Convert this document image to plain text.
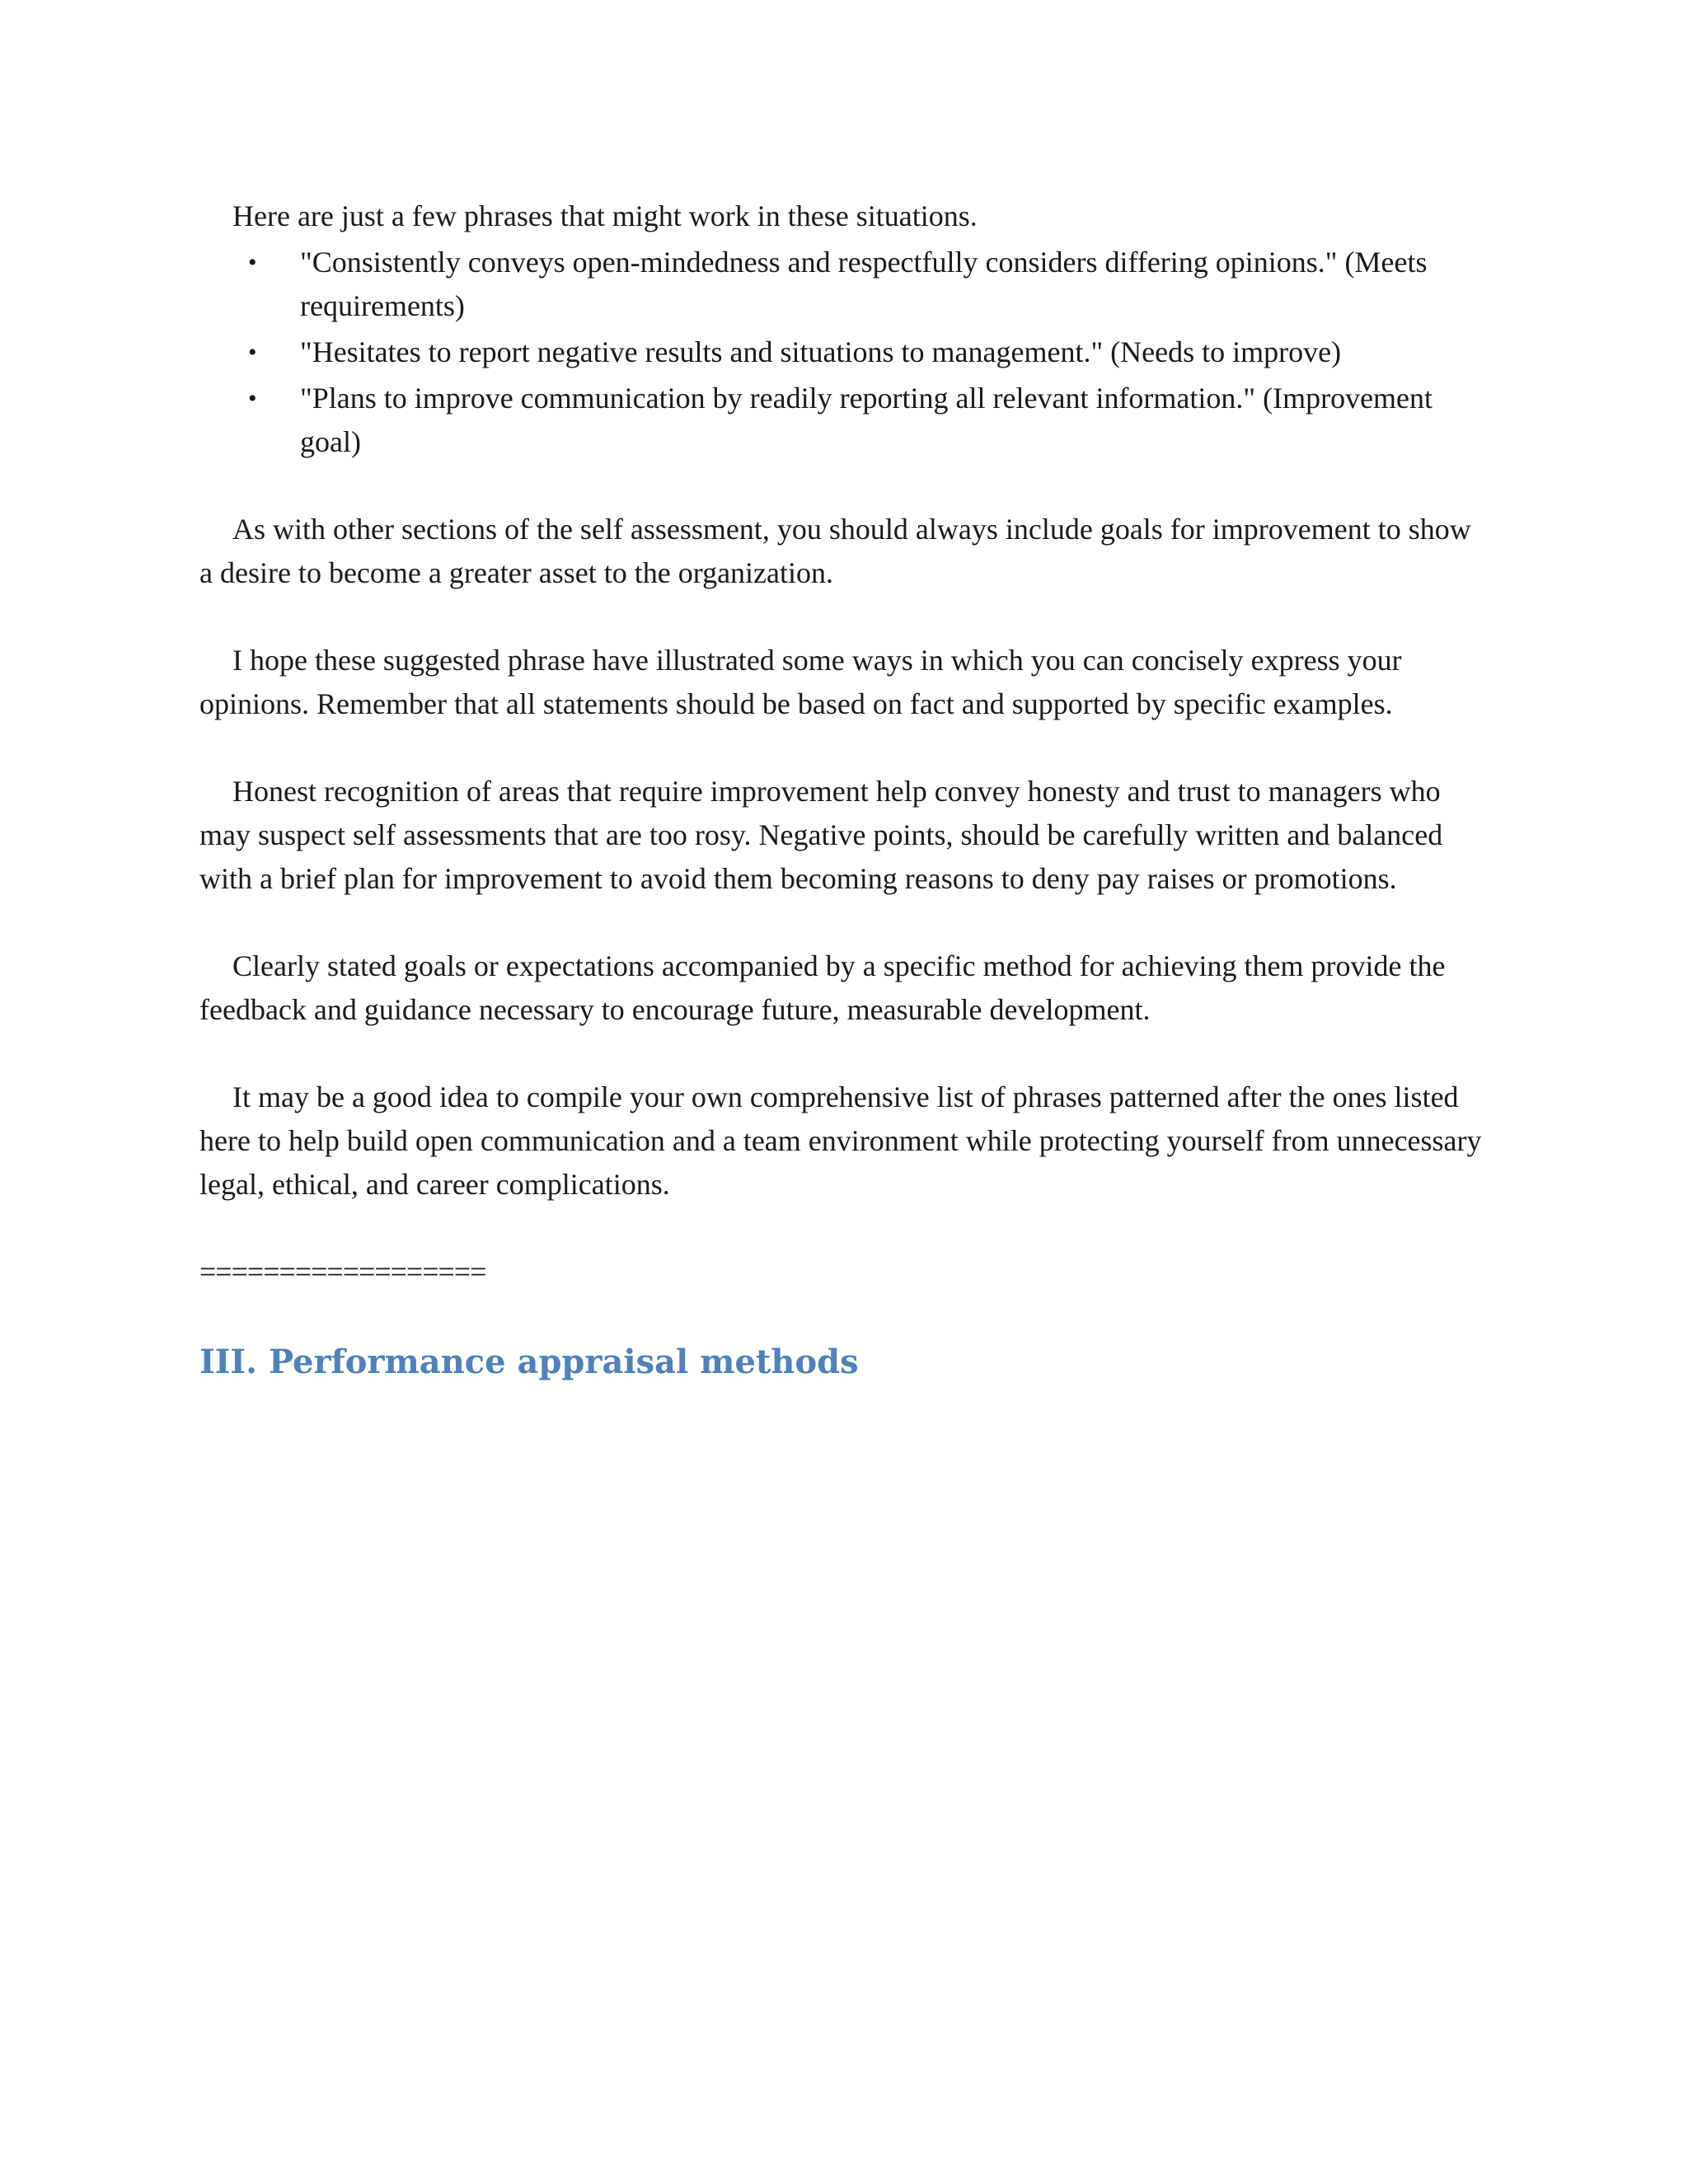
Here are just a few phrases that might work in these situations.

• "Consistently conveys open-mindedness and respectfully considers differing opinions." (Meets requirements)
• "Hesitates to report negative results and situations to management." (Needs to improve)
• "Plans to improve communication by readily reporting all relevant information." (Improvement goal)

As with other sections of the self assessment, you should always include goals for improvement to show a desire to become a greater asset to the organization.

I hope these suggested phrase have illustrated some ways in which you can concisely express your opinions. Remember that all statements should be based on fact and supported by specific examples.

Honest recognition of areas that require improvement help convey honesty and trust to managers who may suspect self assessments that are too rosy. Negative points, should be carefully written and balanced with a brief plan for improvement to avoid them becoming reasons to deny pay raises or promotions.

Clearly stated goals or expectations accompanied by a specific method for achieving them provide the feedback and guidance necessary to encourage future, measurable development.

It may be a good idea to compile your own comprehensive list of phrases patterned after the ones listed here to help build open communication and a team environment while protecting yourself from unnecessary legal, ethical, and career complications.

==================
III. Performance appraisal methods
